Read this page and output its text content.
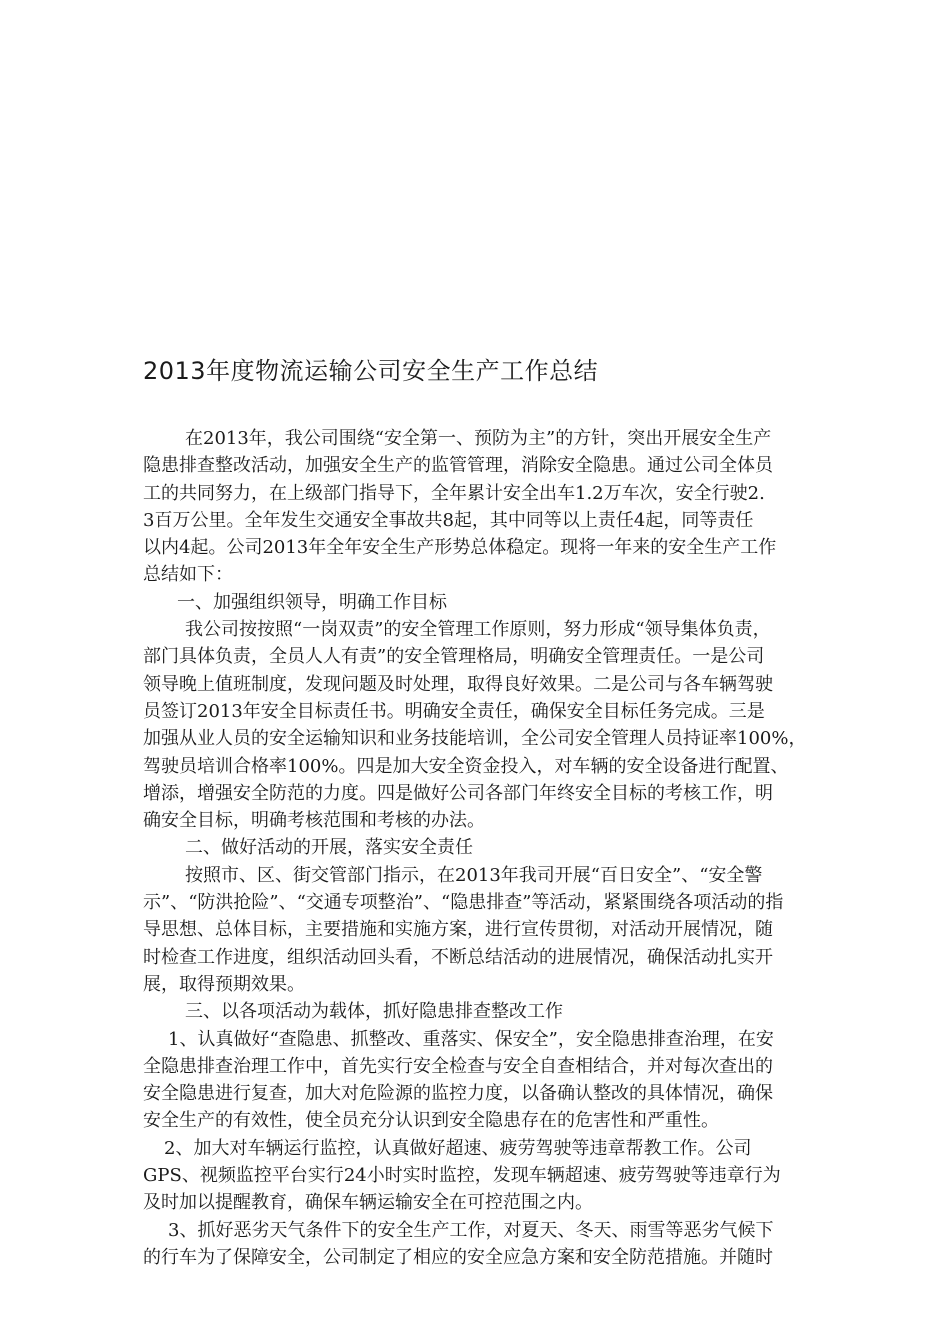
2013年度物流运输公司安全生产工作总结
在2013年，我公司围绕“安全第一、预防为主”的方针，突出开展安全生产
隐患排查整改活动，加强安全生产的监管管理，消除安全隐患。通过公司全体员
工的共同努力，在上级部门指导下，全年累计安全出车1.2万车次，安全行驶2.
3百万公里。全年发生交通安全事故共8起，其中同等以上责任4起，同等责任
以内4起。公司2013年全年安全生产形势总体稳定。现将一年来的安全生产工作
总结如下：
一、加强组织领导，明确工作目标
我公司按按照“一岗双责”的安全管理工作原则，努力形成“领导集体负责，
部门具体负责，全员人人有责”的安全管理格局，明确安全管理责任。一是公司
领导晚上值班制度，发现问题及时处理，取得良好效果。二是公司与各车辆驾驶
员签订2013年安全目标责任书。明确安全责任，确保安全目标任务完成。三是
加强从业人员的安全运输知识和业务技能培训，全公司安全管理人员持证率100%，
驾驶员培训合格率100%。四是加大安全资金投入，对车辆的安全设备进行配置、
增添，增强安全防范的力度。四是做好公司各部门年终安全目标的考核工作，明
确安全目标，明确考核范围和考核的办法。
二、做好活动的开展，落实安全责任
按照市、区、街交管部门指示，在2013年我司开展“百日安全”、“安全警
示”、“防洪抢险”、“交通专项整治”、“隐患排查”等活动，紧紧围绕各项活动的指
导思想、总体目标，主要措施和实施方案，进行宣传贯彻，对活动开展情况，随
时检查工作进度，组织活动回头看，不断总结活动的进展情况，确保活动扎实开
展，取得预期效果。
三、以各项活动为载体，抓好隐患排查整改工作
1、认真做好“查隐患、抓整改、重落实、保安全”，安全隐患排查治理，在安
全隐患排查治理工作中，首先实行安全检查与安全自查相结合，并对每次查出的
安全隐患进行复查，加大对危险源的监控力度，以备确认整改的具体情况，确保
安全生产的有效性，使全员充分认识到安全隐患存在的危害性和严重性。
2、加大对车辆运行监控，认真做好超速、疲劳驾驶等违章帮教工作。公司
GPS、视频监控平台实行24小时实时监控，发现车辆超速、疲劳驾驶等违章行为
及时加以提醒教育，确保车辆运输安全在可控范围之内。
3、抓好恶劣天气条件下的安全生产工作，对夏天、冬天、雨雪等恶劣气候下
的行车为了保障安全，公司制定了相应的安全应急方案和安全防范措施。并随时
